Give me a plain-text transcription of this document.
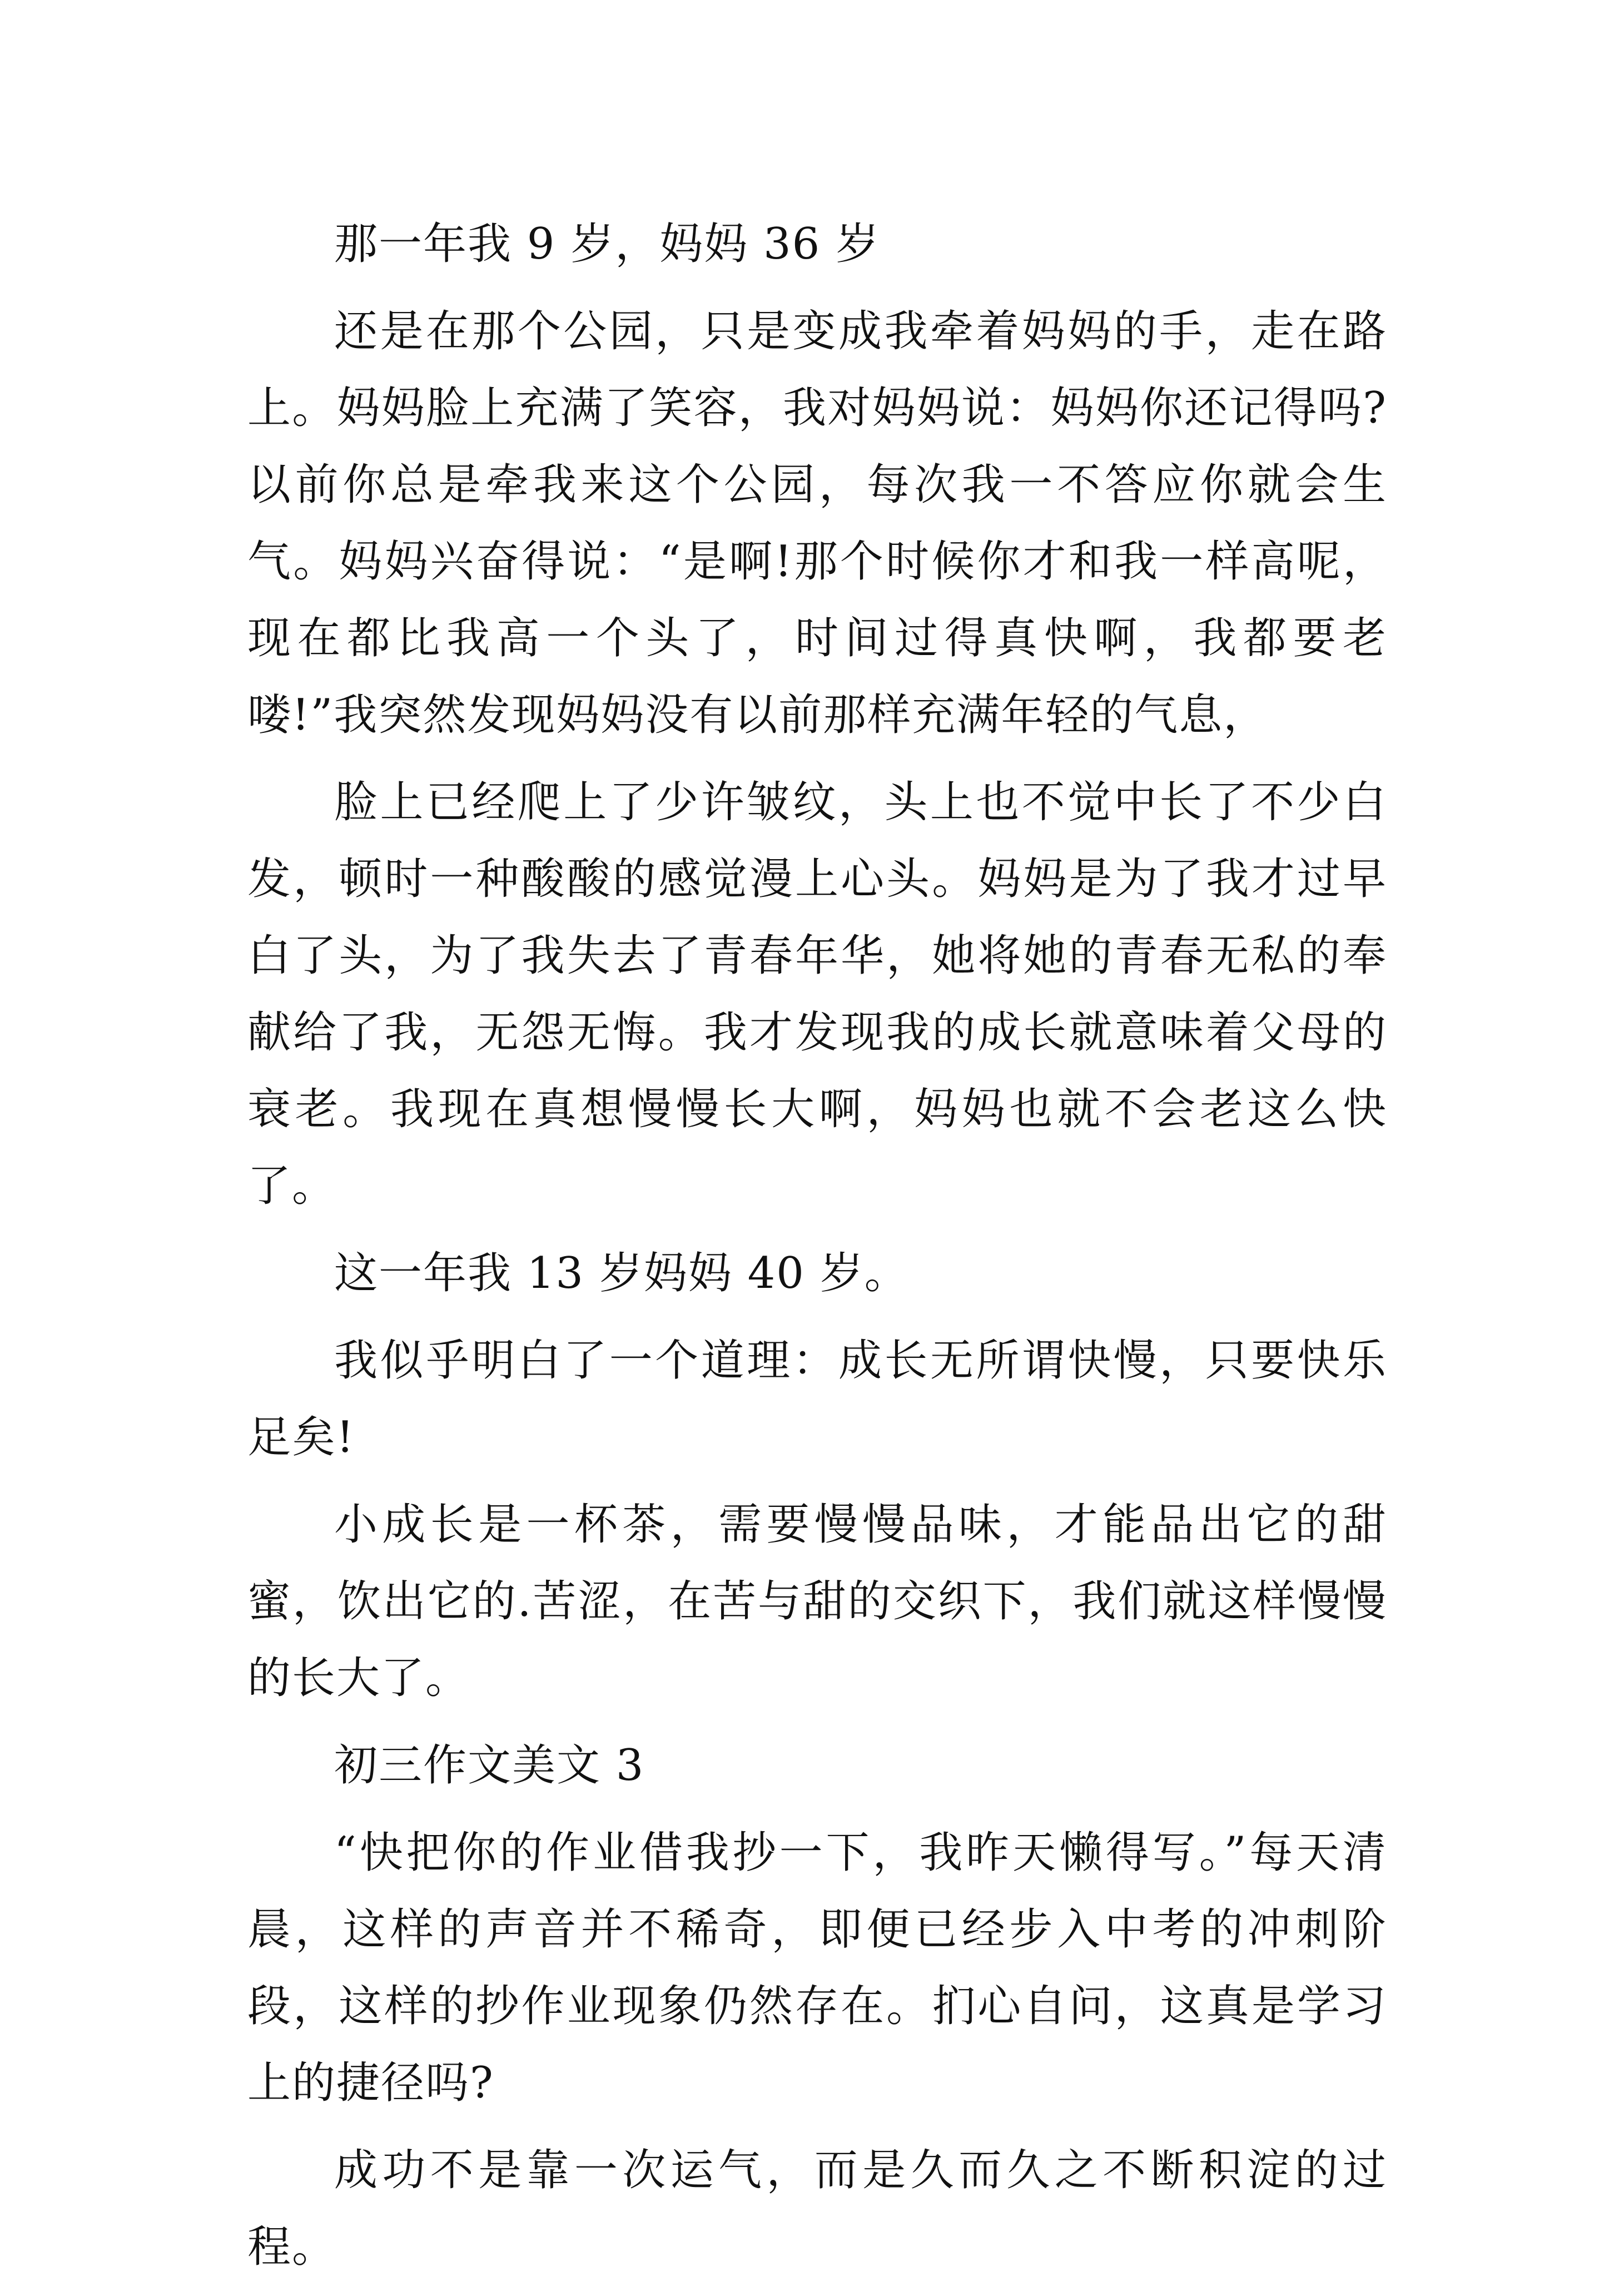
那一年我 9 岁，妈妈 36 岁

还是在那个公园，只是变成我牵着妈妈的手，走在路上。妈妈脸上充满了笑容，我对妈妈说：妈妈你还记得吗?以前你总是牵我来这个公园，每次我一不答应你就会生气。妈妈兴奋得说：“是啊!那个时候你才和我一样高呢，现在都比我高一个头了，时间过得真快啊，我都要老喽!”我突然发现妈妈没有以前那样充满年轻的气息，

脸上已经爬上了少许皱纹，头上也不觉中长了不少白发，顿时一种酸酸的感觉漫上心头。妈妈是为了我才过早白了头，为了我失去了青春年华，她将她的青春无私的奉献给了我，无怨无悔。我才发现我的成长就意味着父母的衰老。我现在真想慢慢长大啊，妈妈也就不会老这么快了。

这一年我 13 岁妈妈 40 岁。

我似乎明白了一个道理：成长无所谓快慢，只要快乐足矣!

小成长是一杯茶，需要慢慢品味，才能品出它的甜蜜，饮出它的.苦涩，在苦与甜的交织下，我们就这样慢慢的长大了。

初三作文美文 3

“快把你的作业借我抄一下，我昨天懒得写。”每天清晨，这样的声音并不稀奇，即便已经步入中考的冲刺阶段，这样的抄作业现象仍然存在。扪心自问，这真是学习上的捷径吗?

成功不是靠一次运气，而是久而久之不断积淀的过程。
